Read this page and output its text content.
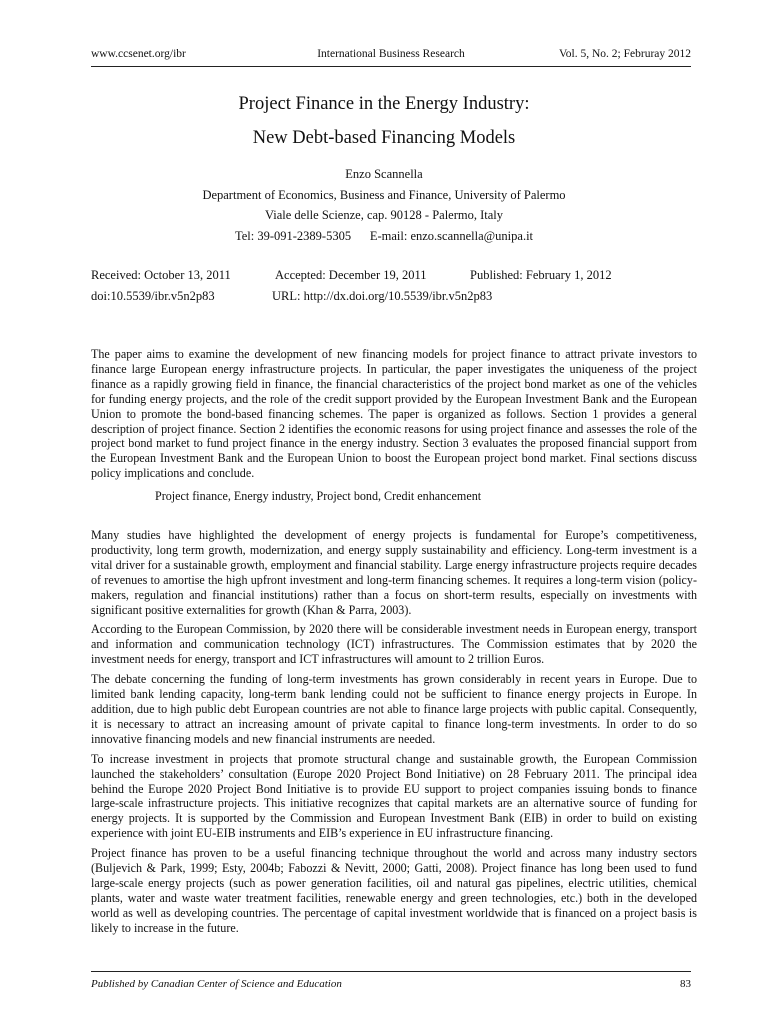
www.ccsenet.org/ibr	International Business Research	Vol. 5, No. 2; Februray 2012
Project Finance in the Energy Industry:
New Debt-based Financing Models
Enzo Scannella
Department of Economics, Business and Finance, University of Palermo
Viale delle Scienze, cap. 90128 - Palermo, Italy
Tel: 39-091-2389-5305      E-mail: enzo.scannella@unipa.it
Received: October 13, 2011	Accepted: December 19, 2011	Published: February 1, 2012
doi:10.5539/ibr.v5n2p83	URL: http://dx.doi.org/10.5539/ibr.v5n2p83
The paper aims to examine the development of new financing models for project finance to attract private investors to finance large European energy infrastructure projects. In particular, the paper investigates the uniqueness of the project finance as a rapidly growing field in finance, the financial characteristics of the project bond market as one of the vehicles for funding energy projects, and the role of the credit support provided by the European Investment Bank and the European Union to promote the bond-based financing schemes. The paper is organized as follows. Section 1 provides a general description of project finance. Section 2 identifies the economic reasons for using project finance and assesses the role of the project bond market to fund project finance in the energy industry. Section 3 evaluates the proposed financial support from the European Investment Bank and the European Union to boost the European project bond market. Final sections discuss policy implications and conclude.
Project finance, Energy industry, Project bond, Credit enhancement

Many studies have highlighted the development of energy projects is fundamental for Europe’s competitiveness, productivity, long term growth, modernization, and energy supply sustainability and efficiency. Long-term investment is a vital driver for a sustainable growth, employment and financial stability. Large energy infrastructure projects require decades of revenues to amortise the high upfront investment and long-term financing schemes. It requires a long-term vision (policy-makers, regulation and financial institutions) rather than a focus on short-term results, especially on investments with significant positive externalities for growth (Khan & Parra, 2003).

According to the European Commission, by 2020 there will be considerable investment needs in European energy, transport and information and communication technology (ICT) infrastructures. The Commission estimates that by 2020 the investment needs for energy, transport and ICT infrastructures will amount to 2 trillion Euros.

The debate concerning the funding of long-term investments has grown considerably in recent years in Europe. Due to limited bank lending capacity, long-term bank lending could not be sufficient to finance energy projects in Europe. In addition, due to high public debt European countries are not able to finance large projects with public capital. Consequently, it is necessary to attract an increasing amount of private capital to finance long-term investments. In order to do so innovative financing models and new financial instruments are needed.

To increase investment in projects that promote structural change and sustainable growth, the European Commission launched the stakeholders’ consultation (Europe 2020 Project Bond Initiative) on 28 February 2011. The principal idea behind the Europe 2020 Project Bond Initiative is to provide EU support to project companies issuing bonds to finance large-scale infrastructure projects. This initiative recognizes that capital markets are an alternative source of funding for energy projects. It is supported by the Commission and European Investment Bank (EIB) in order to build on existing experience with joint EU-EIB instruments and EIB’s experience in EU infrastructure financing.

Project finance has proven to be a useful financing technique throughout the world and across many industry sectors (Buljevich & Park, 1999; Esty, 2004b; Fabozzi & Nevitt, 2000; Gatti, 2008). Project finance has long been used to fund large-scale energy projects (such as power generation facilities, oil and natural gas pipelines, electric utilities, chemical plants, water and waste water treatment facilities, renewable energy and green technologies, etc.) both in the developed world as well as developing countries. The percentage of capital investment worldwide that is financed on a project basis is likely to increase in the future.

Published by Canadian Center of Science and Education	83
